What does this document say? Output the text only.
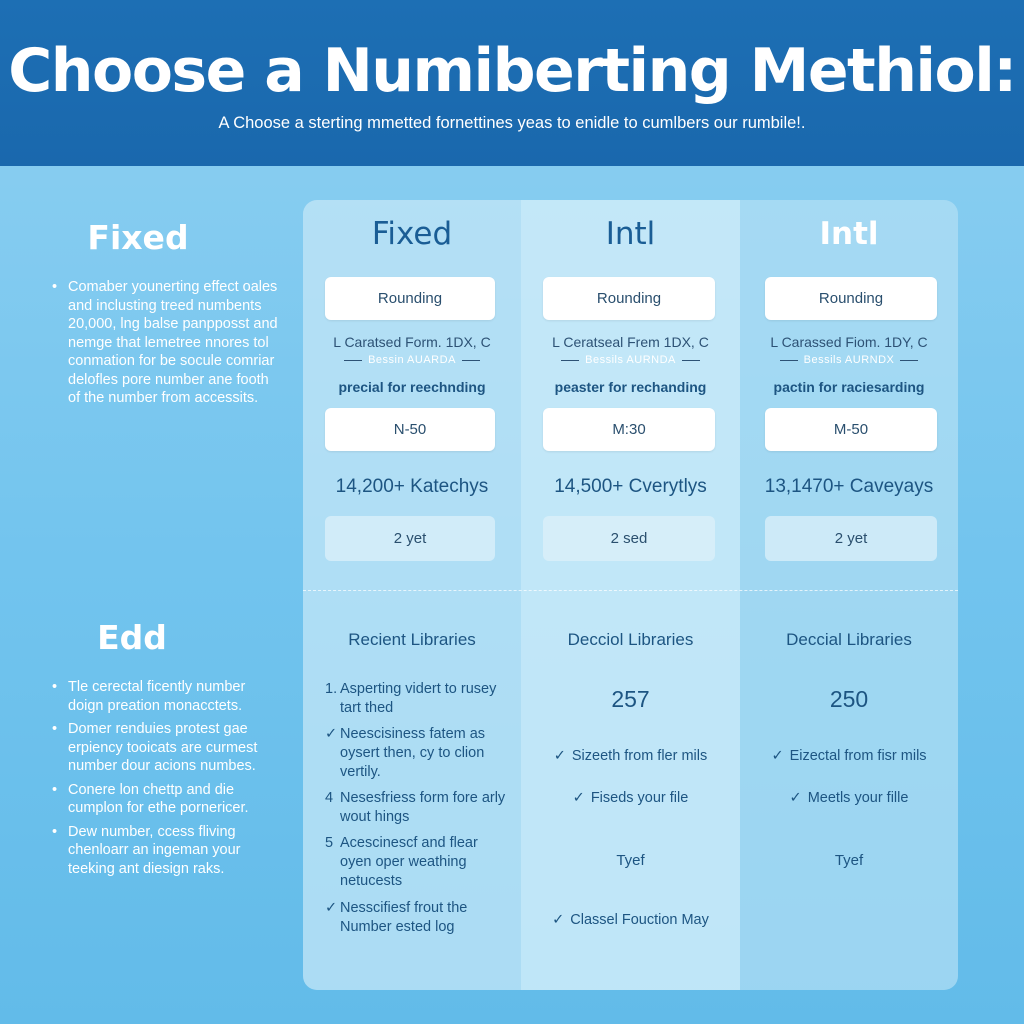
Choose a Numiberting Methiol:

A Choose a sterting mmetted fornettines yeas to enidle to cumlbers our rumbile!.

Fixed
• Comaber younerting effect oales and inclusting treed numbents 20,000, lng balse panpposst and nemge that lemetree nnores tol conmation for be socule comriar delofles pore number ane footh of the number from accessits.
Edd
• Tle cerectal ficently number doign preation monacctets.
• Domer renduies protest gae erpiency tooicats are curmest number dour acions numbes.
• Conere lon chettp and die cumplon for ethe pornericer.
• Dew number, ccess fliving chenloarr an ingeman your teeking ant diesign raks.
Fixed
Rounding
L Caratsed Form. 1DX, C
Bessin AUARDA
precial for reechnding
N-50
14,200+ Katechys
2 yet
Recient Libraries
1. Asperting vidert to rusey tart thed
✓ Neescisiness fatem as oysert then, cy to clion vertily.
4 Nesesfriess form fore arly wout hings
5 Acescinescf and flear oyen oper weathing netucests
✓ Nesscifiesf frout the Number ested log
Intl
Rounding
L Ceratseal Frem 1DX, C
Bessils AURNDA
peaster for rechanding
M:30
14,500+ Cverytlys
2 sed
Decciol Libraries
257
✓ Sizeeth from fler mils
✓ Fiseds your file
Tyef
✓ Classel Fouction May
Intl
Rounding
L Carassed Fiom. 1DY, C
Bessils AURNDX
pactin for raciesarding
M-50
13,1470+ Caveyays
2 yet
Deccial Libraries
250
✓ Eizectal from fisr mils
✓ Meetls your fille
Tyef
